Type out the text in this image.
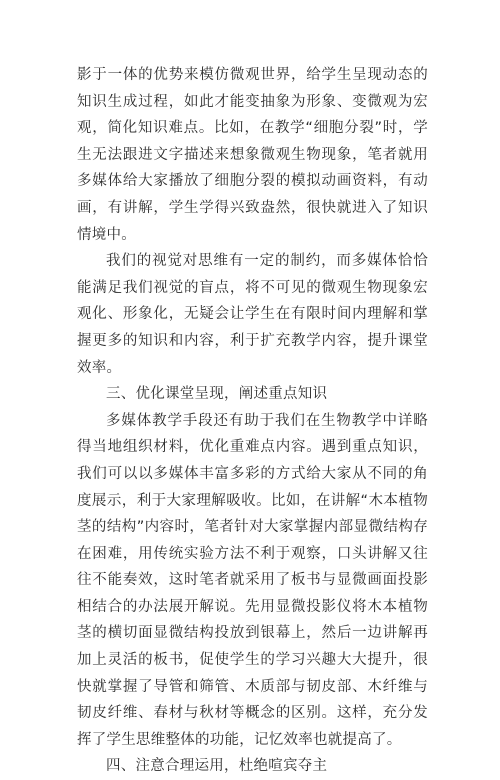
影于一体的优势来模仿微观世界，给学生呈现动态的知识生成过程，如此才能变抽象为形象、变微观为宏观，简化知识难点。比如，在教学“细胞分裂”时，学生无法跟进文字描述来想象微观生物现象，笔者就用多媒体给大家播放了细胞分裂的模拟动画资料，有动画，有讲解，学生学得兴致盎然，很快就进入了知识情境中。

我们的视觉对思维有一定的制约，而多媒体恰恰能满足我们视觉的盲点，将不可见的微观生物现象宏观化、形象化，无疑会让学生在有限时间内理解和掌握更多的知识和内容，利于扩充教学内容，提升课堂效率。

三、优化课堂呈现，阐述重点知识

多媒体教学手段还有助于我们在生物教学中详略得当地组织材料，优化重难点内容。遇到重点知识，我们可以以多媒体丰富多彩的方式给大家从不同的角度展示，利于大家理解吸收。比如，在讲解“木本植物茎的结构”内容时，笔者针对大家掌握内部显微结构存在困难，用传统实验方法不利于观察，口头讲解又往往不能奏效，这时笔者就采用了板书与显微画面投影相结合的办法展开解说。先用显微投影仪将木本植物茎的横切面显微结构投放到银幕上，然后一边讲解再加上灵活的板书，促使学生的学习兴趣大大提升，很快就掌握了导管和筛管、木质部与韧皮部、木纤维与韧皮纤维、春材与秋材等概念的区别。这样，充分发挥了学生思维整体的功能，记忆效率也就提高了。

四、注意合理运用，杜绝喧宾夺主
